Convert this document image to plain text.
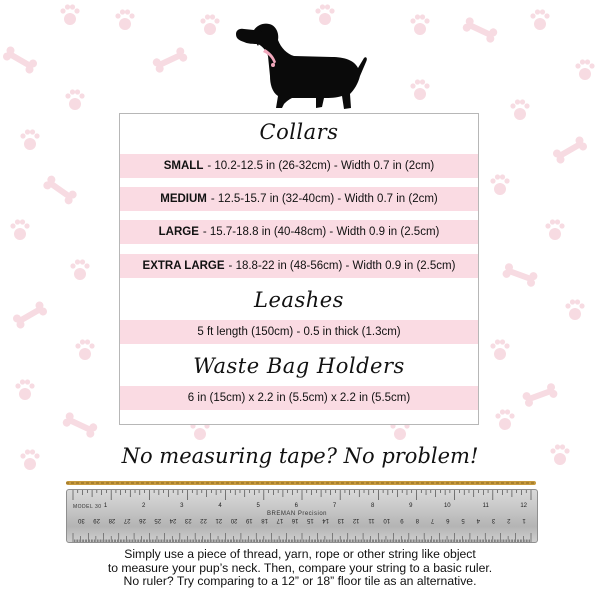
Collars
SMALL - 10.2-12.5 in (26-32cm) - Width 0.7 in (2cm)
MEDIUM - 12.5-15.7 in (32-40cm) - Width 0.7 in (2cm)
LARGE - 15.7-18.8 in (40-48cm) - Width 0.9 in (2.5cm)
EXTRA LARGE - 18.8-22 in (48-56cm) - Width 0.9 in (2.5cm)
Leashes
5 ft length (150cm) - 0.5 in thick (1.3cm)
Waste Bag Holders
6 in (15cm) x 2.2 in (5.5cm) x 2.2 in (5.5cm)
No measuring tape? No problem!
1	2	3	4	5	6	7	8	9	10	11	12
30 29 28 27 26 25 24 23 22 21 20 19 18 17 16 15 14 13 12 11 10 9 8 7 6 5 4 3 2 1
BREMAN Precision
MODEL 30
Simply use a piece of thread, yarn, rope or other string like object
to measure your pup’s neck. Then, compare your string to a basic ruler.
No ruler? Try comparing to a 12” or 18” floor tile as an alternative.
